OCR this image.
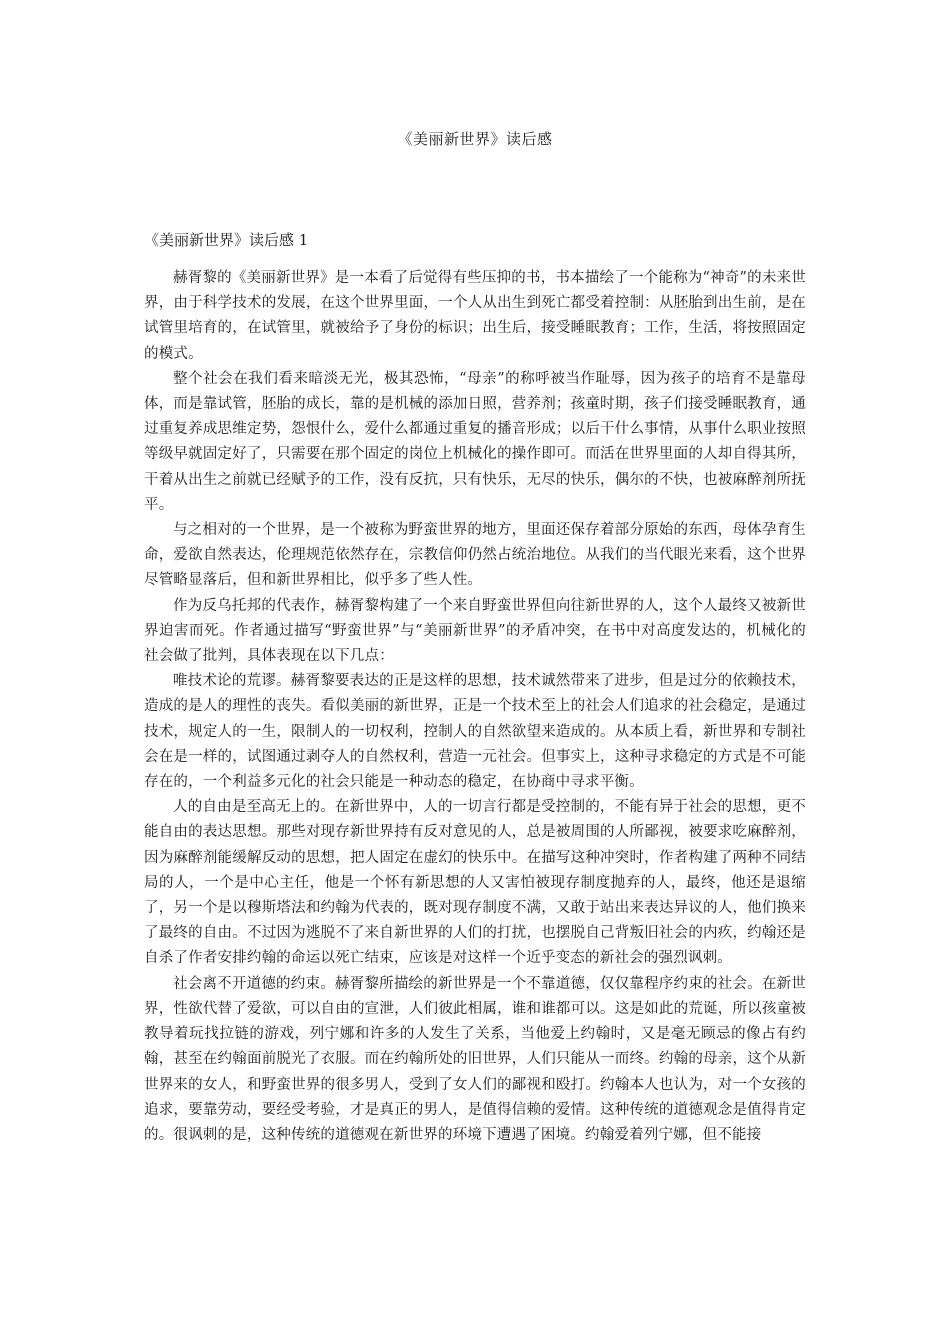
《美丽新世界》读后感
《美丽新世界》读后感 1

赫胥黎的《美丽新世界》是一本看了后觉得有些压抑的书，书本描绘了一个能称为“神奇”的未来世界，由于科学技术的发展，在这个世界里面，一个人从出生到死亡都受着控制：从胚胎到出生前，是在试管里培育的，在试管里，就被给予了身份的标识；出生后，接受睡眠教育；工作，生活，将按照固定的模式。

整个社会在我们看来暗淡无光，极其恐怖，“母亲”的称呼被当作耻辱，因为孩子的培育不是靠母体，而是靠试管，胚胎的成长，靠的是机械的添加日照，营养剂；孩童时期，孩子们接受睡眠教育，通过重复养成思维定势，怨恨什么，爱什么都通过重复的播音形成；以后干什么事情，从事什么职业按照等级早就固定好了，只需要在那个固定的岗位上机械化的操作即可。而活在世界里面的人却自得其所，干着从出生之前就已经赋予的工作，没有反抗，只有快乐，无尽的快乐，偶尔的不快，也被麻醉剂所抚平。

与之相对的一个世界，是一个被称为野蛮世界的地方，里面还保存着部分原始的东西，母体孕育生命，爱欲自然表达，伦理规范依然存在，宗教信仰仍然占统治地位。从我们的当代眼光来看，这个世界尽管略显落后，但和新世界相比，似乎多了些人性。

作为反乌托邦的代表作，赫胥黎构建了一个来自野蛮世界但向往新世界的人，这个人最终又被新世界迫害而死。作者通过描写“野蛮世界”与“美丽新世界”的矛盾冲突，在书中对高度发达的，机械化的社会做了批判，具体表现在以下几点：

唯技术论的荒谬。赫胥黎要表达的正是这样的思想，技术诚然带来了进步，但是过分的依赖技术，造成的是人的理性的丧失。看似美丽的新世界，正是一个技术至上的社会人们追求的社会稳定，是通过技术，规定人的一生，限制人的一切权利，控制人的自然欲望来造成的。从本质上看，新世界和专制社会在是一样的，试图通过剥夺人的自然权利，营造一元社会。但事实上，这种寻求稳定的方式是不可能存在的，一个利益多元化的社会只能是一种动态的稳定，在协商中寻求平衡。

人的自由是至高无上的。在新世界中，人的一切言行都是受控制的，不能有异于社会的思想，更不能自由的表达思想。那些对现存新世界持有反对意见的人，总是被周围的人所鄙视，被要求吃麻醉剂，因为麻醉剂能缓解反动的思想，把人固定在虚幻的快乐中。在描写这种冲突时，作者构建了两种不同结局的人，一个是中心主任，他是一个怀有新思想的人又害怕被现存制度抛弃的人，最终，他还是退缩了，另一个是以穆斯塔法和约翰为代表的，既对现存制度不满，又敢于站出来表达异议的人，他们换来了最终的自由。不过因为逃脱不了来自新世界的人们的打扰，也摆脱自己背叛旧社会的内疚，约翰还是自杀了作者安排约翰的命运以死亡结束，应该是对这样一个近乎变态的新社会的强烈讽刺。

社会离不开道德的约束。赫胥黎所描绘的新世界是一个不靠道德，仅仅靠程序约束的社会。在新世界，性欲代替了爱欲，可以自由的宣泄，人们彼此相属，谁和谁都可以。这是如此的荒诞，所以孩童被教导着玩找拉链的游戏，列宁娜和许多的人发生了关系，当他爱上约翰时，又是毫无顾忌的像占有约翰，甚至在约翰面前脱光了衣服。而在约翰所处的旧世界，人们只能从一而终。约翰的母亲，这个从新世界来的女人，和野蛮世界的很多男人，受到了女人们的鄙视和殴打。约翰本人也认为，对一个女孩的追求，要靠劳动，要经受考验，才是真正的男人，是值得信赖的爱情。这种传统的道德观念是值得肯定的。很讽刺的是，这种传统的道德观在新世界的环境下遭遇了困境。约翰爱着列宁娜，但不能接
